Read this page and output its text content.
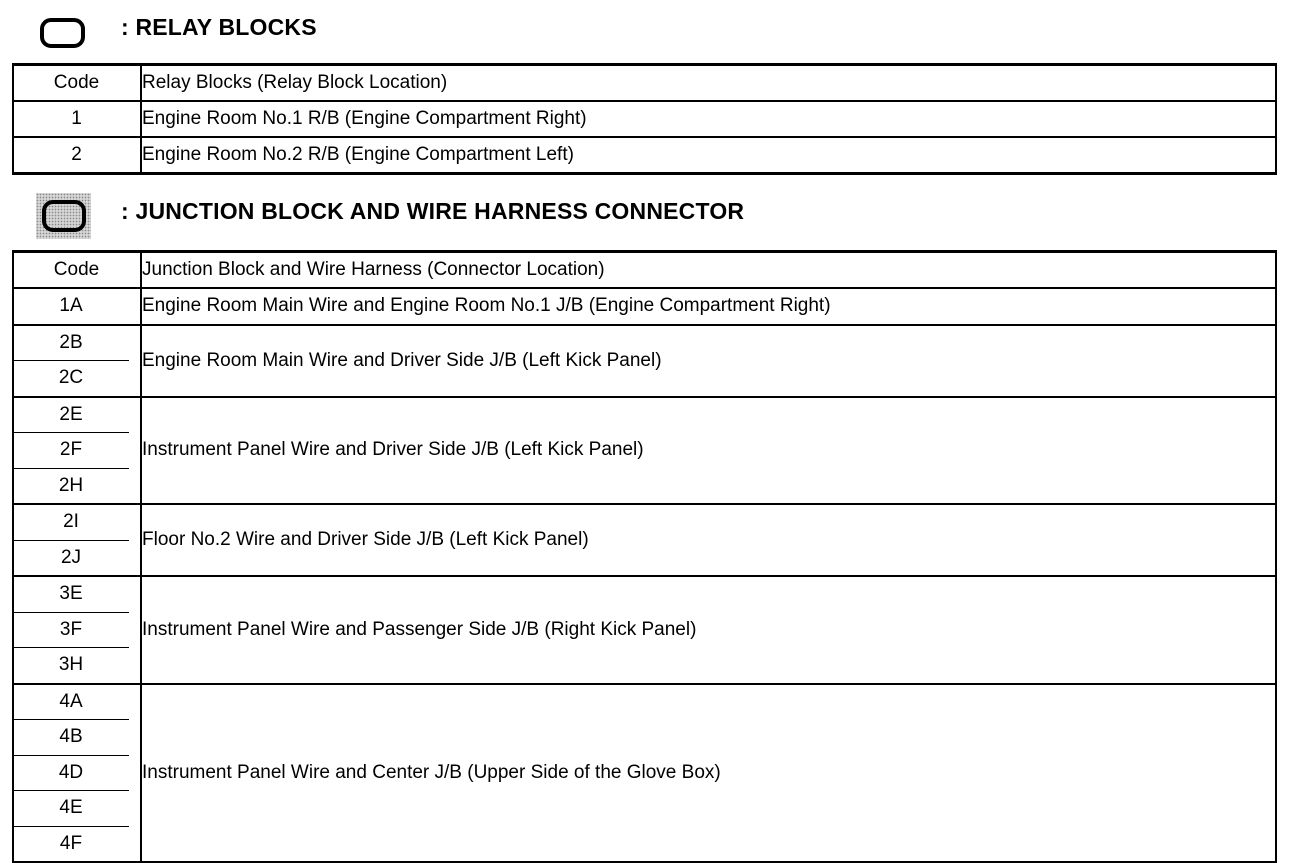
: RELAY BLOCKS
Code	Relay Blocks (Relay Block Location)
1	Engine Room No.1 R/B (Engine Compartment Right)
2	Engine Room No.2 R/B (Engine Compartment Left)
: JUNCTION BLOCK AND WIRE HARNESS CONNECTOR
Code	Junction Block and Wire Harness (Connector Location)

1A	Engine Room Main Wire and Engine Room No.1 J/B (Engine Compartment Right)

2B
2C	Engine Room Main Wire and Driver Side J/B (Left Kick Panel)

2E
2F
2H	Instrument Panel Wire and Driver Side J/B (Left Kick Panel)

2I
2J	Floor No.2 Wire and Driver Side J/B (Left Kick Panel)

3E
3F
3H	Instrument Panel Wire and Passenger Side J/B (Right Kick Panel)

4A
4B
4D
4E
4F	Instrument Panel Wire and Center J/B (Upper Side of the Glove Box)
